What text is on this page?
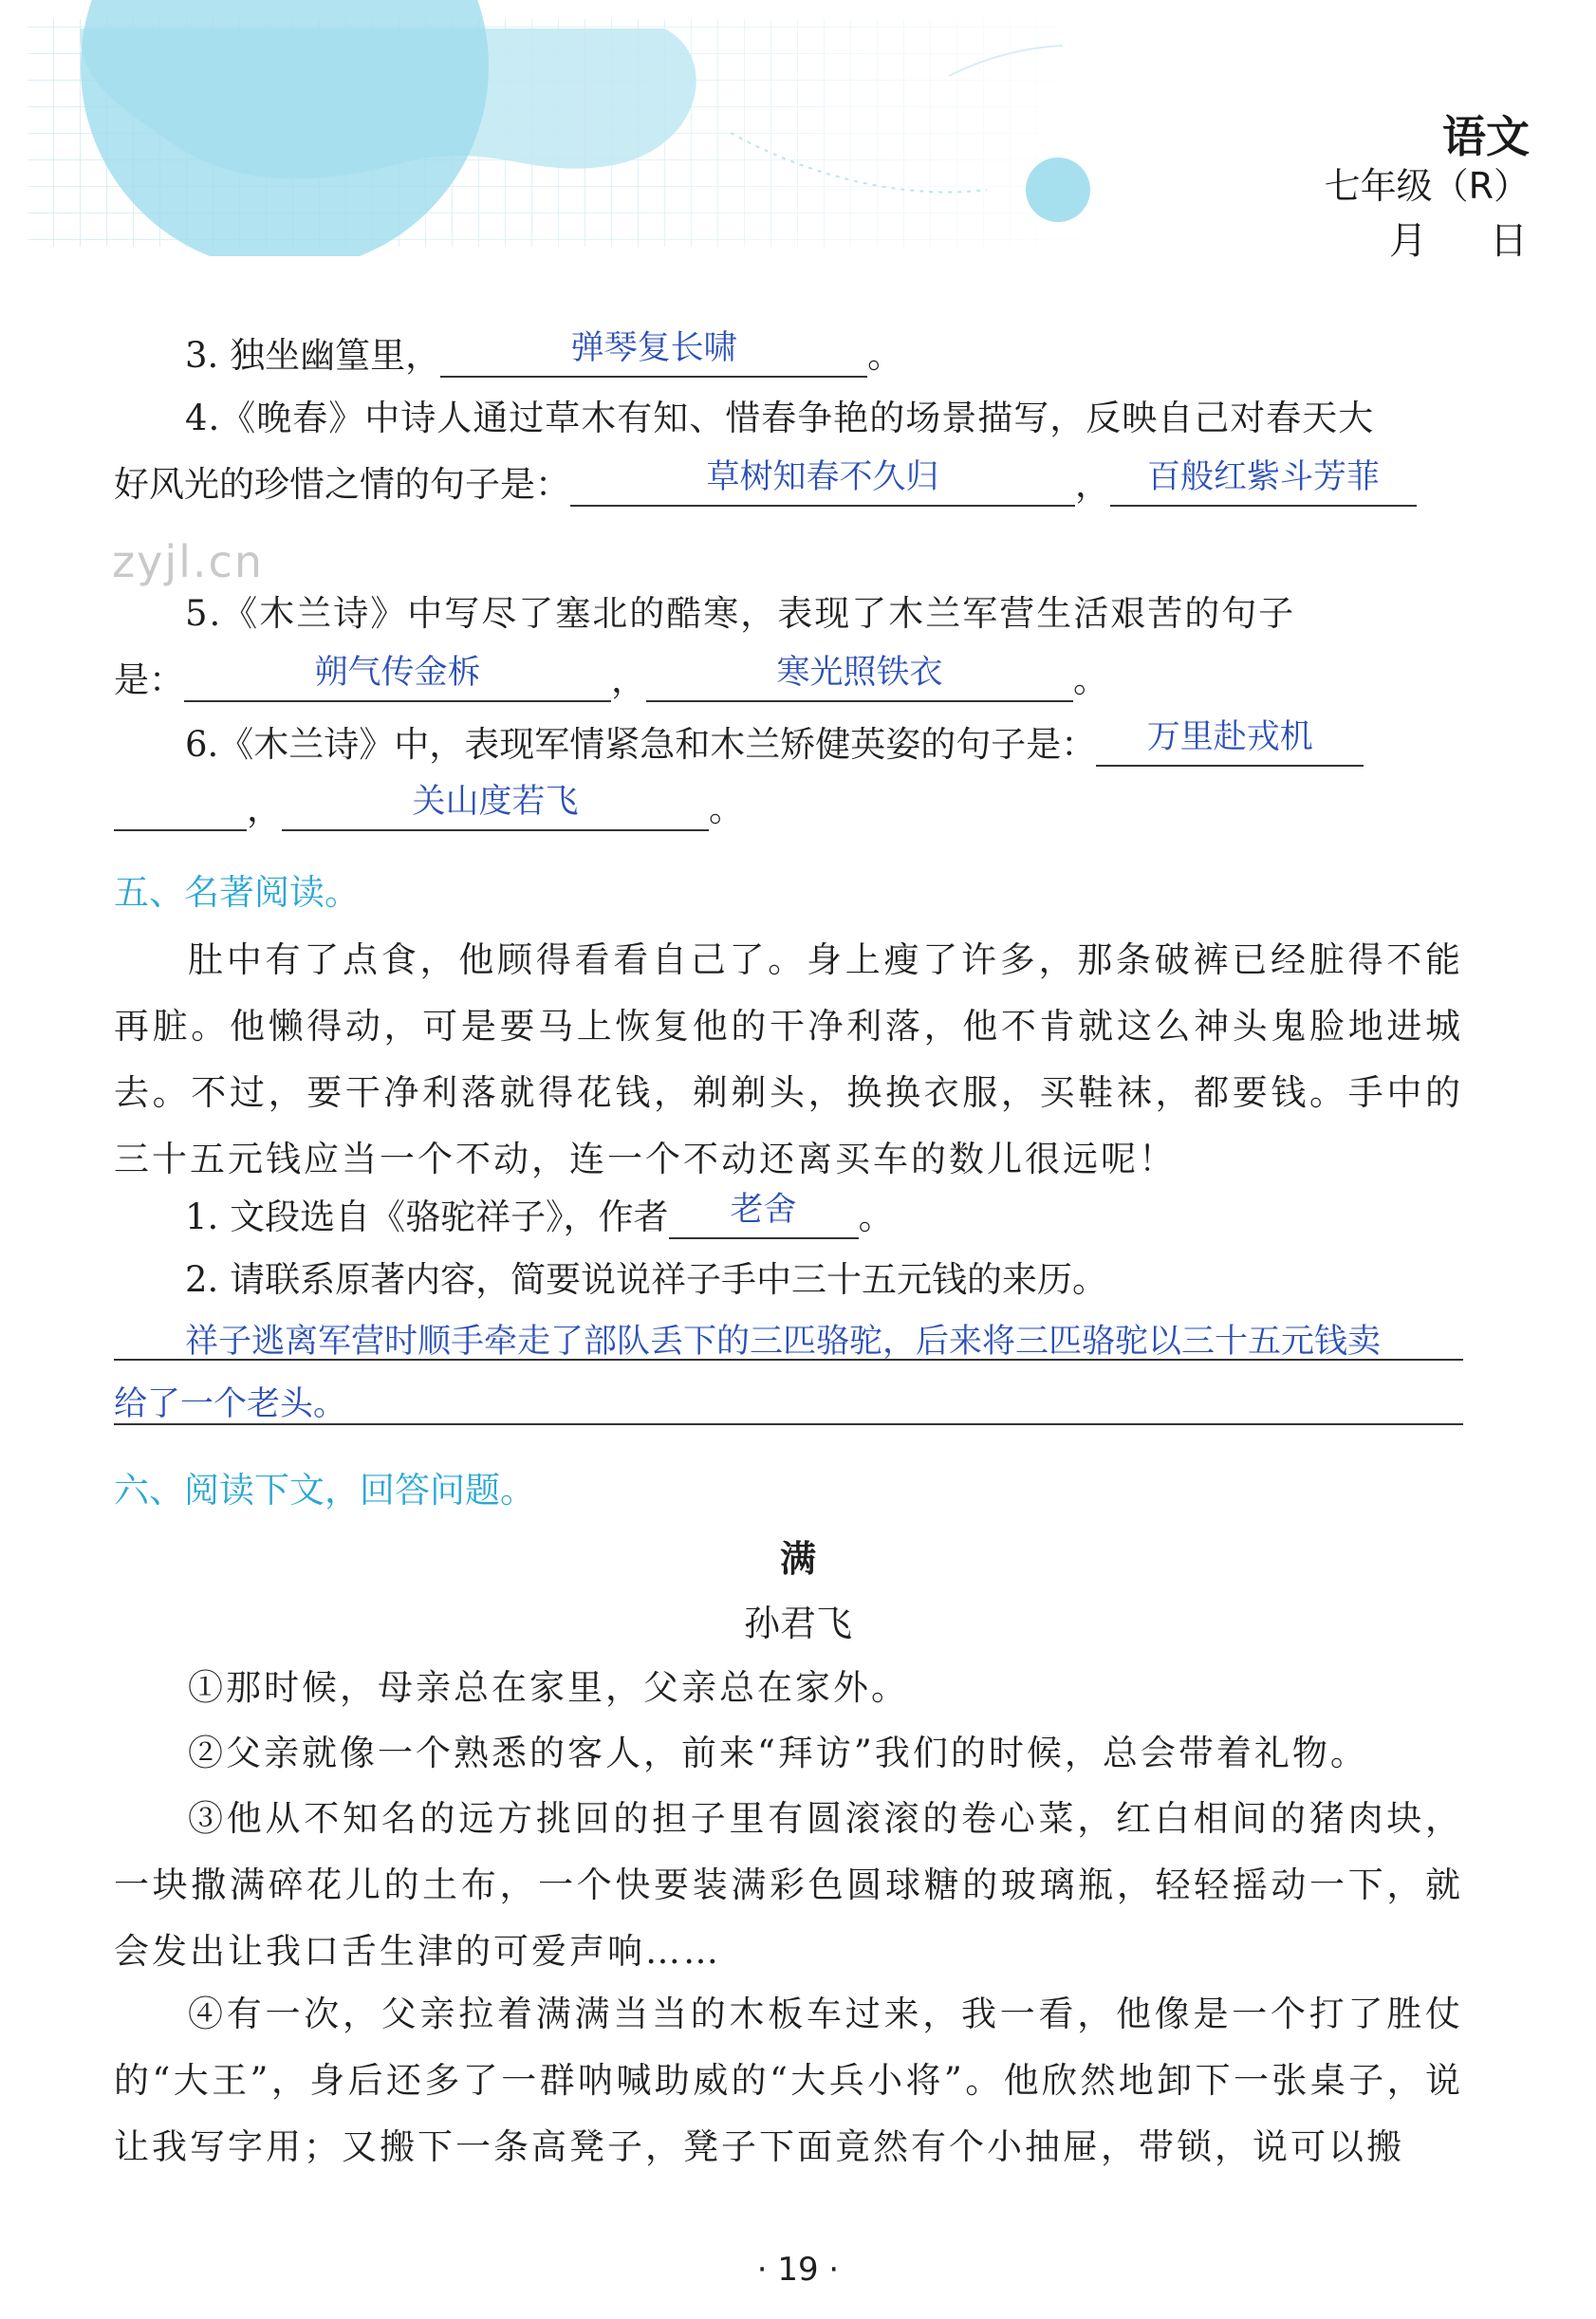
语文
七年级（R）
月 日
3. 独坐幽篁里，	弹琴复长啸	。
4.《晚春》中诗人通过草木有知、惜春争艳的场景描写，反映自己对春天大
好风光的珍惜之情的句子是：	草树知春不久归	，	百般红紫斗芳菲
zyjl.cn
5.《木兰诗》中写尽了塞北的酷寒，表现了木兰军营生活艰苦的句子
是：	朔气传金柝	，	寒光照铁衣	。
6.《木兰诗》中，表现军情紧急和木兰矫健英姿的句子是：	万里赴戎机
，	关山度若飞	。
五、名著阅读。
肚中有了点食，他顾得看看自己了。身上瘦了许多，那条破裤已经脏得不能再脏。他懒得动，可是要马上恢复他的干净利落，他不肯就这么神头鬼脸地进城去。不过，要干净利落就得花钱，剃剃头，换换衣服，买鞋袜，都要钱。手中的三十五元钱应当一个不动，连一个不动还离买车的数儿很远呢！
1. 文段选自《骆驼祥子》，作者	老舍	。
2. 请联系原著内容，简要说说祥子手中三十五元钱的来历。
祥子逃离军营时顺手牵走了部队丢下的三匹骆驼，后来将三匹骆驼以三十五元钱卖
给了一个老头。
六、阅读下文，回答问题。
满
孙君飞
①那时候，母亲总在家里，父亲总在家外。
②父亲就像一个熟悉的客人，前来“拜访”我们的时候，总会带着礼物。
③他从不知名的远方挑回的担子里有圆滚滚的卷心菜，红白相间的猪肉块，一块撒满碎花儿的土布，一个快要装满彩色圆球糖的玻璃瓶，轻轻摇动一下，就会发出让我口舌生津的可爱声响……
④有一次，父亲拉着满满当当的木板车过来，我一看，他像是一个打了胜仗的“大王”，身后还多了一群呐喊助威的“大兵小将”。他欣然地卸下一张桌子，说让我写字用；又搬下一条高凳子，凳子下面竟然有个小抽屉，带锁，说可以搬
· 19 ·
